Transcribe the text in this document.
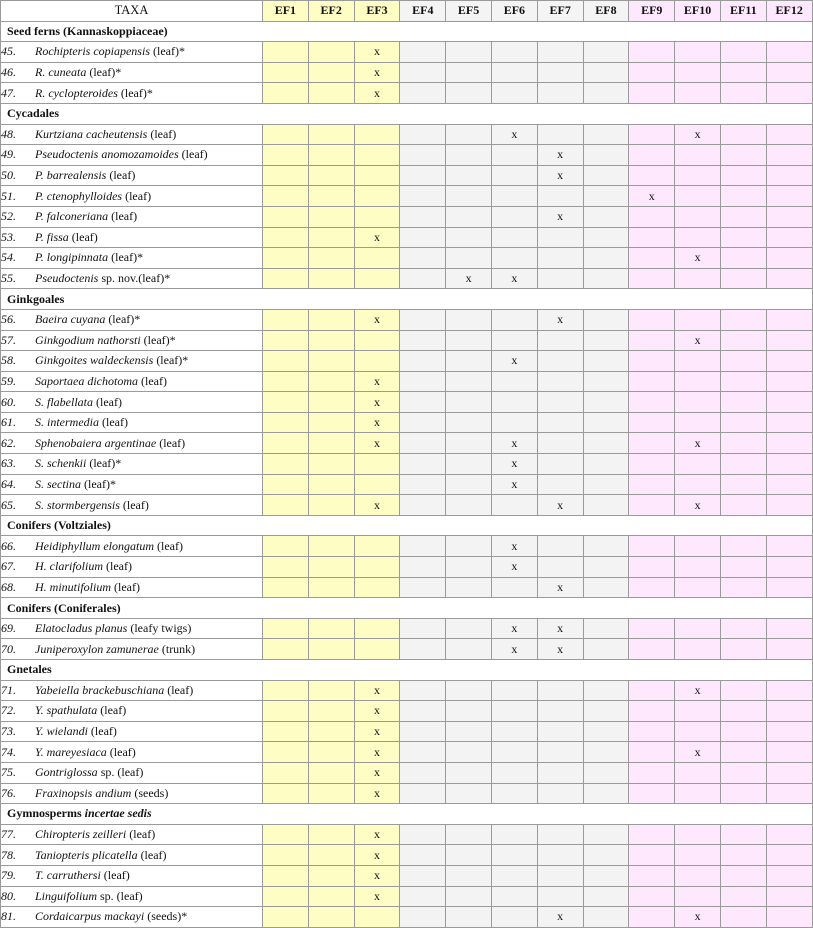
TAXA	EF1	EF2	EF3	EF4	EF5	EF6	EF7	EF8	EF9	EF10	EF11	EF12
Seed ferns (Kannaskoppiaceae)												
45. Rochipteris copiapensis (leaf)*			x									
46. R. cuneata (leaf)*			x									
47. R. cyclopteroides (leaf)*			x									
Cycadales												
48. Kurtziana cacheutensis (leaf)						x				x		
49. Pseudoctenis anomozamoides (leaf)							x					
50. P. barrealensis (leaf)							x					
51. P. ctenophylloides (leaf)									x			
52. P. falconeriana (leaf)							x					
53. P. fissa (leaf)			x									
54. P. longipinnata (leaf)*										x		
55. Pseudoctenis sp. nov.(leaf)*					x	x						
Ginkgoales												
56. Baeira cuyana (leaf)*			x				x					
57. Ginkgodium nathorsti (leaf)*										x		
58. Ginkgoites waldeckensis (leaf)*						x						
59. Saportaea dichotoma (leaf)			x									
60. S. flabellata (leaf)			x									
61. S. intermedia (leaf)			x									
62. Sphenobaiera argentinae (leaf)			x			x				x		
63. S. schenkii (leaf)*						x						
64. S. sectina (leaf)*						x						
65. S. stormbergensis (leaf)			x				x			x		
Conifers (Voltziales)												
66. Heidiphyllum elongatum (leaf)						x						
67. H. clarifolium (leaf)						x						
68. H. minutifolium (leaf)							x					
Conifers (Coniferales)												
69. Elatocladus planus (leafy twigs)						x	x					
70. Juniperoxylon zamunerae (trunk)						x	x					
Gnetales												
71. Yabeiella brackebuschiana (leaf)			x							x		
72. Y. spathulata (leaf)			x									
73. Y. wielandi (leaf)			x									
74. Y. mareyesiaca (leaf)			x							x		
75. Gontriglossa sp. (leaf)			x									
76. Fraxinopsis andium (seeds)			x									
Gymnosperms incertae sedis												
77. Chiropteris zeilleri (leaf)			x									
78. Taniopteris plicatella (leaf)			x									
79. T. carruthersi (leaf)			x									
80. Linguifolium sp. (leaf)			x									
81. Cordaicarpus mackayi (seeds)*							x			x		
